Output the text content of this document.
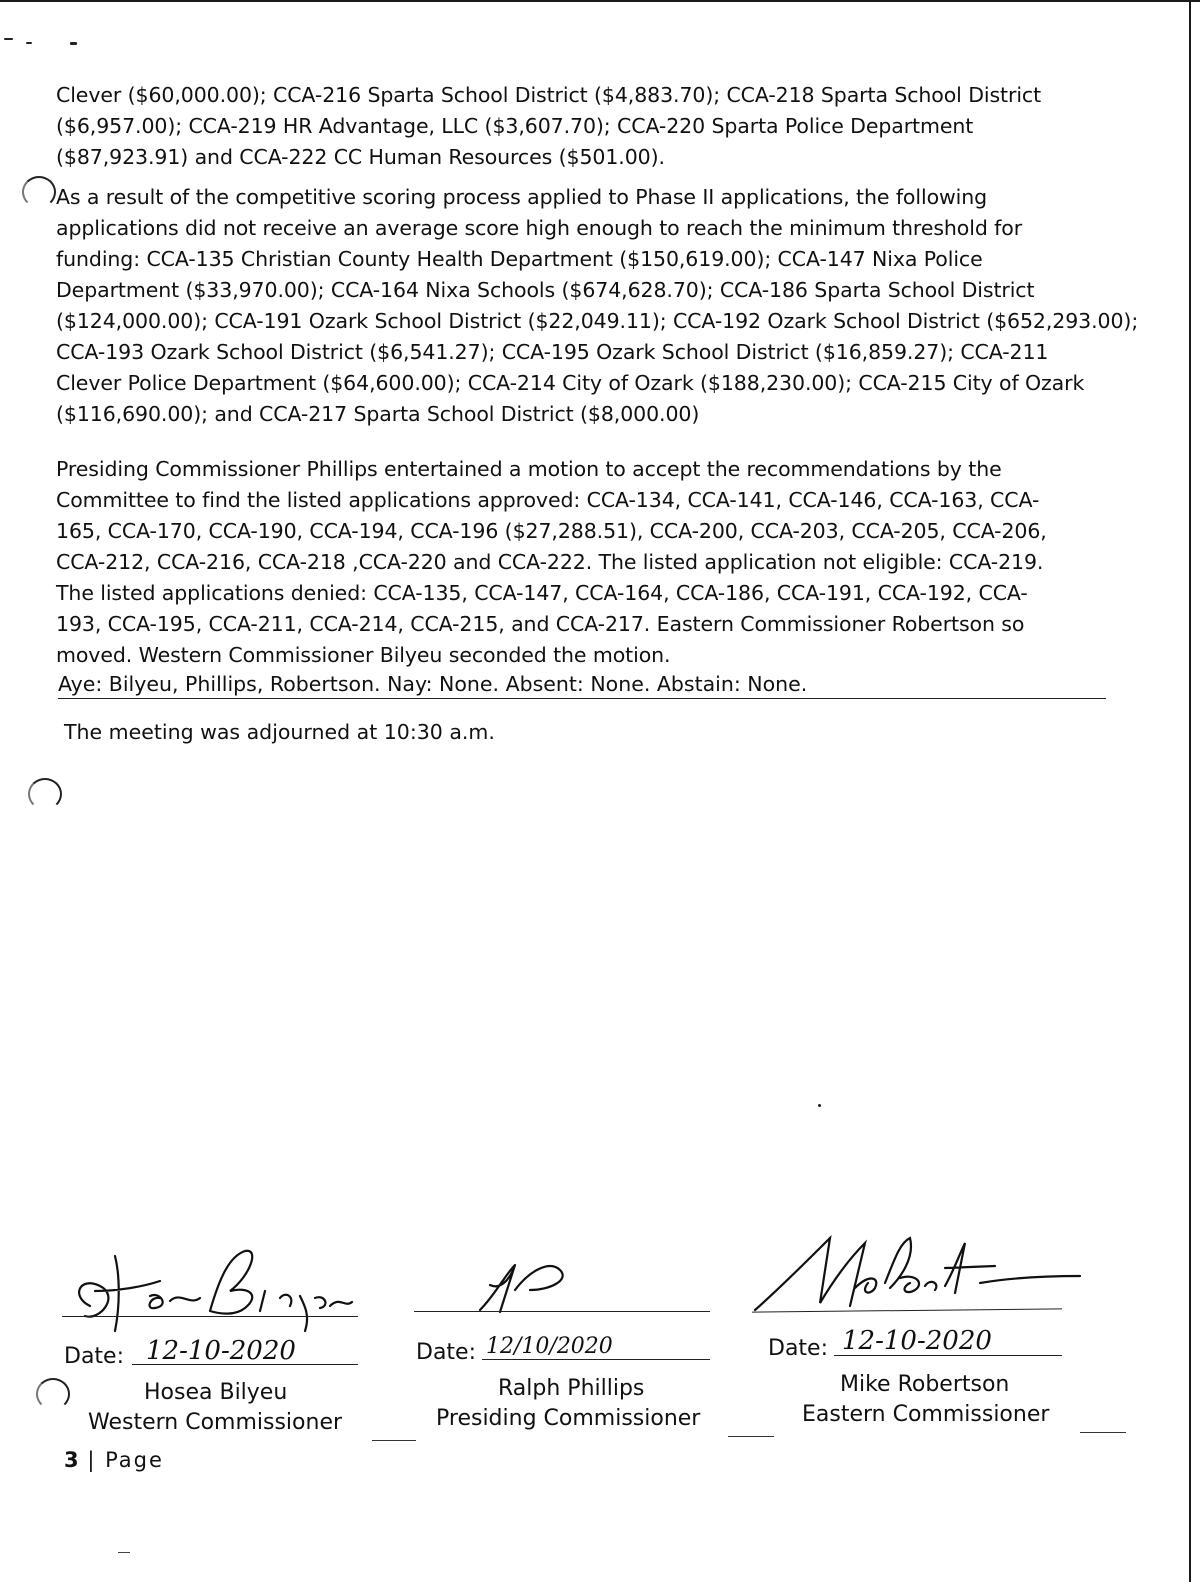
Clever ($60,000.00); CCA-216 Sparta School District ($4,883.70); CCA-218 Sparta School District

($6,957.00); CCA-219 HR Advantage, LLC ($3,607.70); CCA-220 Sparta Police Department

($87,923.91) and CCA-222 CC Human Resources ($501.00).

As a result of the competitive scoring process applied to Phase II applications, the following

applications did not receive an average score high enough to reach the minimum threshold for

funding: CCA-135 Christian County Health Department ($150,619.00); CCA-147 Nixa Police

Department ($33,970.00); CCA-164 Nixa Schools ($674,628.70); CCA-186 Sparta School District

($124,000.00); CCA-191 Ozark School District ($22,049.11); CCA-192 Ozark School District ($652,293.00);

CCA-193 Ozark School District ($6,541.27); CCA-195 Ozark School District ($16,859.27); CCA-211

Clever Police Department ($64,600.00); CCA-214 City of Ozark ($188,230.00); CCA-215 City of Ozark

($116,690.00); and CCA-217 Sparta School District ($8,000.00)

Presiding Commissioner Phillips entertained a motion to accept the recommendations by the

Committee to find the listed applications approved: CCA-134, CCA-141, CCA-146, CCA-163, CCA-

165, CCA-170, CCA-190, CCA-194, CCA-196 ($27,288.51), CCA-200, CCA-203, CCA-205, CCA-206,

CCA-212, CCA-216, CCA-218 ,CCA-220 and CCA-222. The listed application not eligible: CCA-219.

The listed applications denied: CCA-135, CCA-147, CCA-164, CCA-186, CCA-191, CCA-192, CCA-

193, CCA-195, CCA-211, CCA-214, CCA-215, and CCA-217. Eastern Commissioner Robertson so

moved. Western Commissioner Bilyeu seconded the motion.

Aye: Bilyeu, Phillips, Robertson. Nay: None. Absent: None. Abstain: None.
The meeting was adjourned at 10:30 a.m.
Date: 12-10-2020
Hosea Bilyeu
Western Commissioner
Date: 12/10/2020
Ralph Phillips
Presiding Commissioner
Date: 12-10-2020
Mike Robertson
Eastern Commissioner
3 | Page
